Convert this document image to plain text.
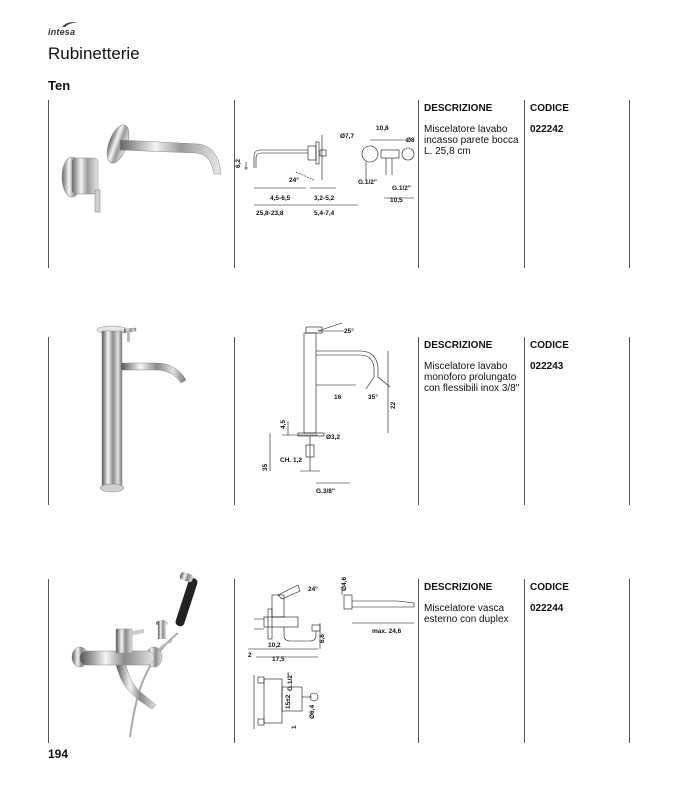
intesa
Rubinetterie
Ten
6,2
24°
4,5-6,5	3,2-5,2
25,8-23,8	5,4-7,4
Ø7,7
10,8
Ø8
G.1/2"
G.1/2"
10,5
DESCRIZIONE	CODICE
Miscelatore lavabo incasso parete bocca L. 25,8 cm
022242
25°
16	35°
22
4,5
Ø3,2
CH. 1,2
35
G.3/8"
DESCRIZIONE	CODICE
Miscelatore lavabo monoforo prolungato con flessibili inox 3/8"
022243
24°	Ø4,6
max. 24,6
6,6
10,2
2
17,5
G.1/2"
15±2
Ø6,4
1
DESCRIZIONE	CODICE
Miscelatore vasca esterno con duplex
022244
194
